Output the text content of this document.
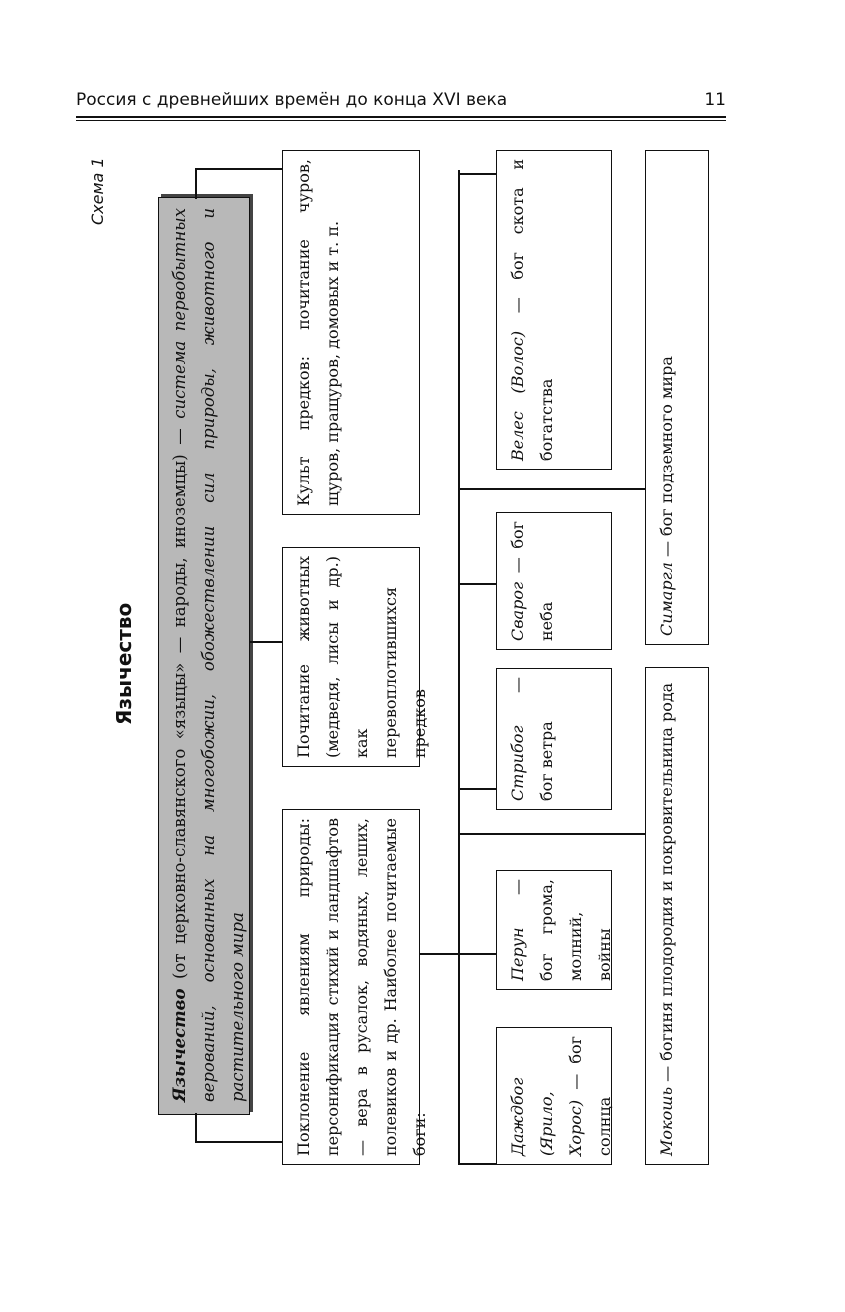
Россия с древнейших времён до конца XVI века	11
Схема 1
Язычество
Язычество (от церковно-славянского «языцы» — народы, иноземцы) — система первобытных верований, основанных на многобожии, обожествлении сил природы, животного и растительного мира	Поклонение явлениям природы: персонификация стихий и ландшафтов — вера в русалок, водяных, леших, полевиков и др. Наиболее почитаемые боги:
Почитание животных (медведя, лисы и др.) как перевоплотившихся предков
Культ предков: почитание чуров, щуров, пращуров, домовых и т. п.
Даждбог (Ярило, Хорос) — бог солнца
Перун — бог грома, молний, войны
Стрибог — бог ветра
Сварог — бог неба
Велес (Волос) — бог скота и богатства
Мокошь — богиня плодородия и покровительница рода
Симаргл — бог подземного мира
